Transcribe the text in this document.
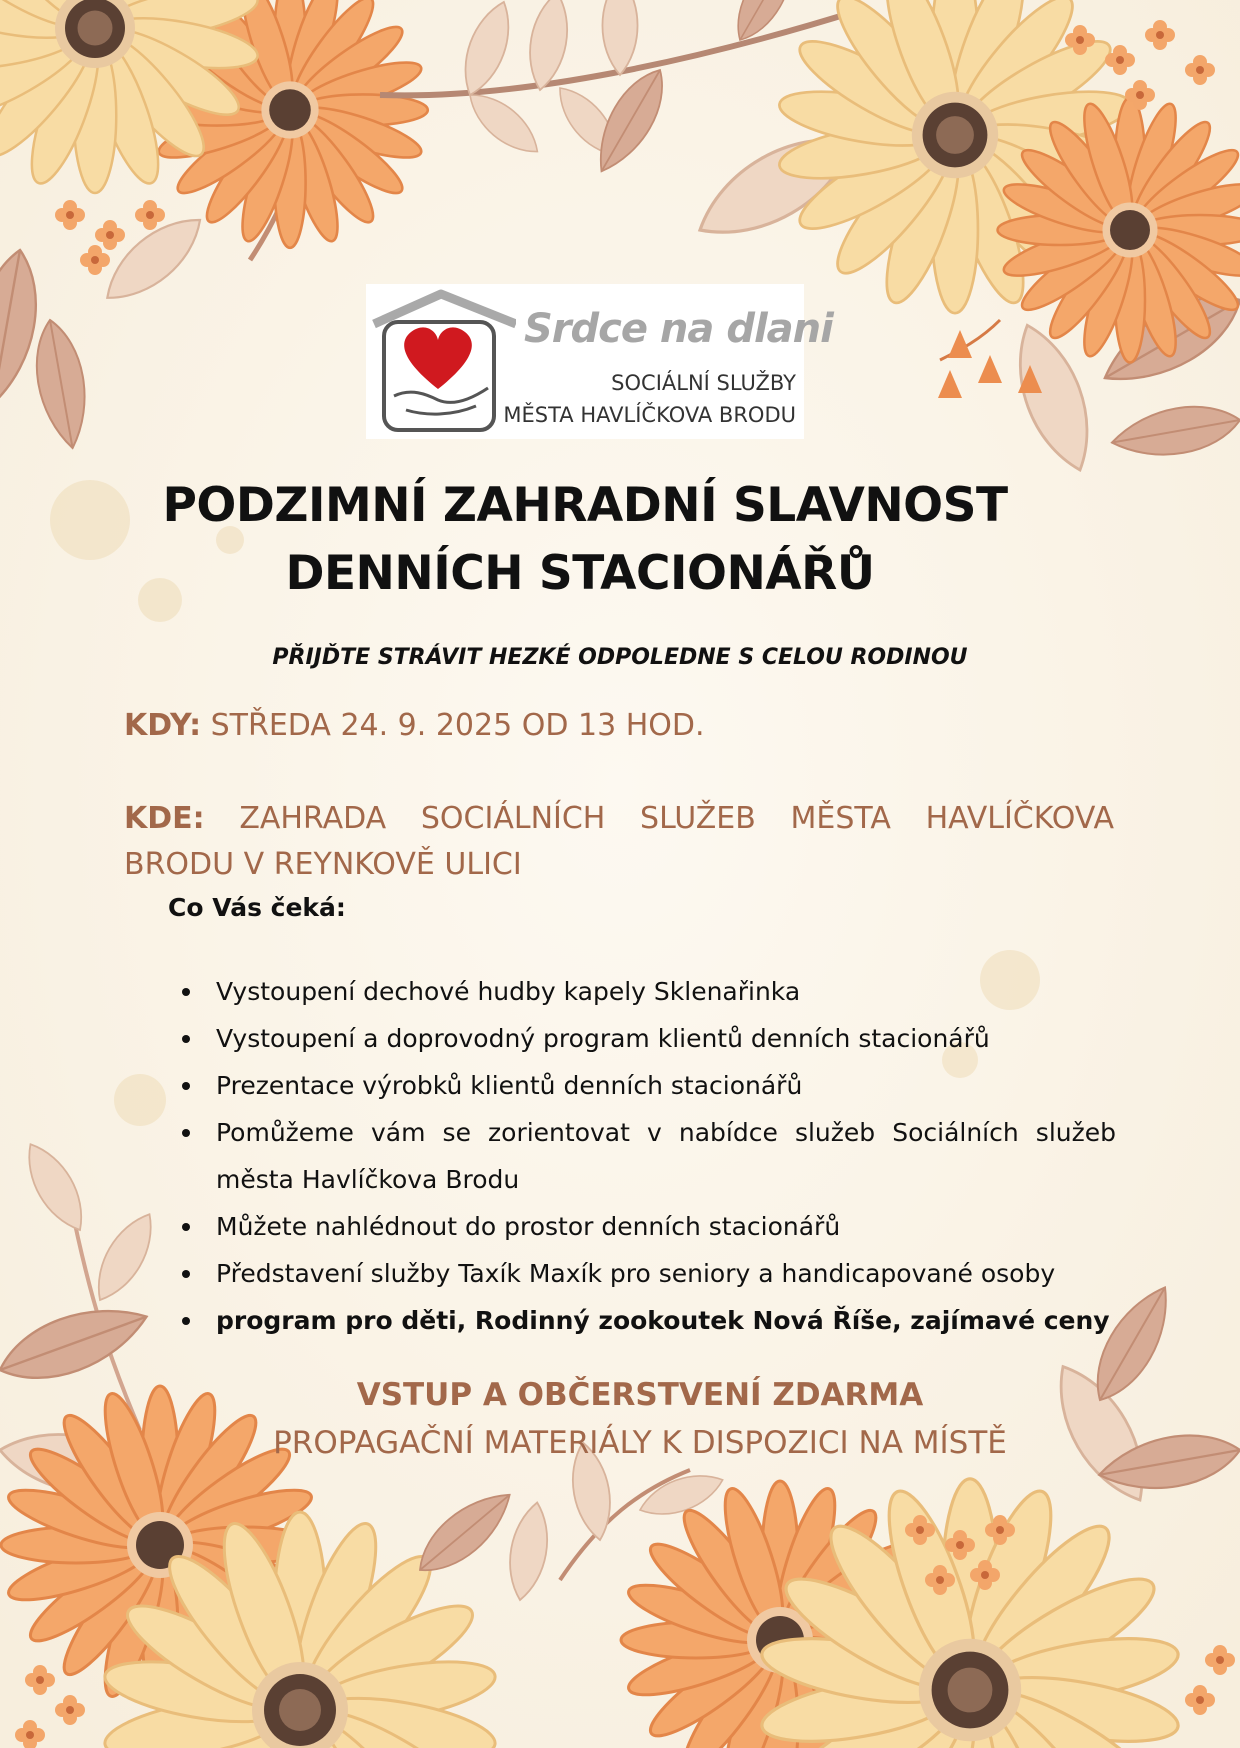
Srdce na dlani
SOCIÁLNÍ SLUŽBY
MĚSTA HAVLÍČKOVA BRODU
PODZIMNÍ ZAHRADNÍ SLAVNOST
DENNÍCH STACIONÁŘŮ
PŘIJĎTE STRÁVIT HEZKÉ ODPOLEDNE S CELOU RODINOU
KDY: STŘEDA 24. 9. 2025 OD 13 HOD.
KDE: ZAHRADA SOCIÁLNÍCH SLUŽEB MĚSTA HAVLÍČKOVA
BRODU V REYNKOVĚ ULICI
Co Vás čeká:
Vystoupení dechové hudby kapely Sklenařinka
Vystoupení a doprovodný program klientů denních stacionářů
Prezentace výrobků klientů denních stacionářů
Pomůžeme vám se zorientovat v nabídce služeb Sociálních služeb města Havlíčkova Brodu
Můžete nahlédnout do prostor denních stacionářů
Představení služby Taxík Maxík pro seniory a handicapované osoby
program pro děti, Rodinný zookoutek Nová Říše, zajímavé ceny
VSTUP A OBČERSTVENÍ ZDARMA
PROPAGAČNÍ MATERIÁLY K DISPOZICI NA MÍSTĚ
